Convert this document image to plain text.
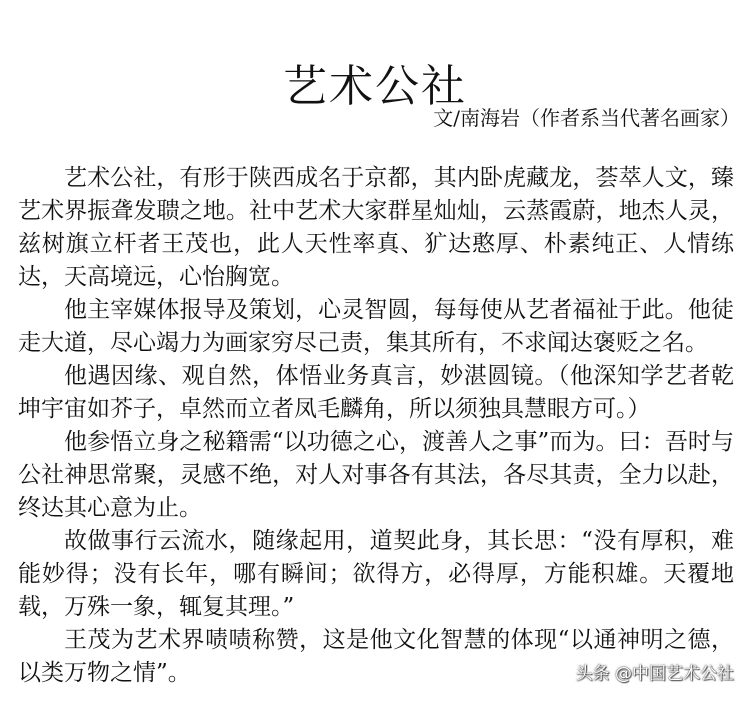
艺术公社
文/南海岩（作者系当代著名画家）

艺术公社，有形于陕西成名于京都，其内卧虎藏龙，荟萃人文，臻艺术界振聋发聩之地。社中艺术大家群星灿灿，云蒸霞蔚，地杰人灵，兹树旗立杆者王茂也，此人天性率真、犷达憨厚、朴素纯正、人情练达，天高境远，心怡胸宽。

他主宰媒体报导及策划，心灵智圆，每每使从艺者福祉于此。他徒走大道，尽心竭力为画家穷尽己责，集其所有，不求闻达褒贬之名。

他遇因缘、观自然，体悟业务真言，妙湛圆镜。（他深知学艺者乾坤宇宙如芥子，卓然而立者凤毛麟角，所以须独具慧眼方可。）

他参悟立身之秘籍需“以功德之心，渡善人之事”而为。曰：吾时与公社神思常聚，灵感不绝，对人对事各有其法，各尽其责，全力以赴，终达其心意为止。

故做事行云流水，随缘起用，道契此身，其长思：“没有厚积，难能妙得；没有长年，哪有瞬间；欲得方，必得厚，方能积雄。天覆地载，万殊一象，辄复其理。”

王茂为艺术界啧啧称赞，这是他文化智慧的体现“以通神明之德，以类万物之情”。	头条 @中国艺术公社
